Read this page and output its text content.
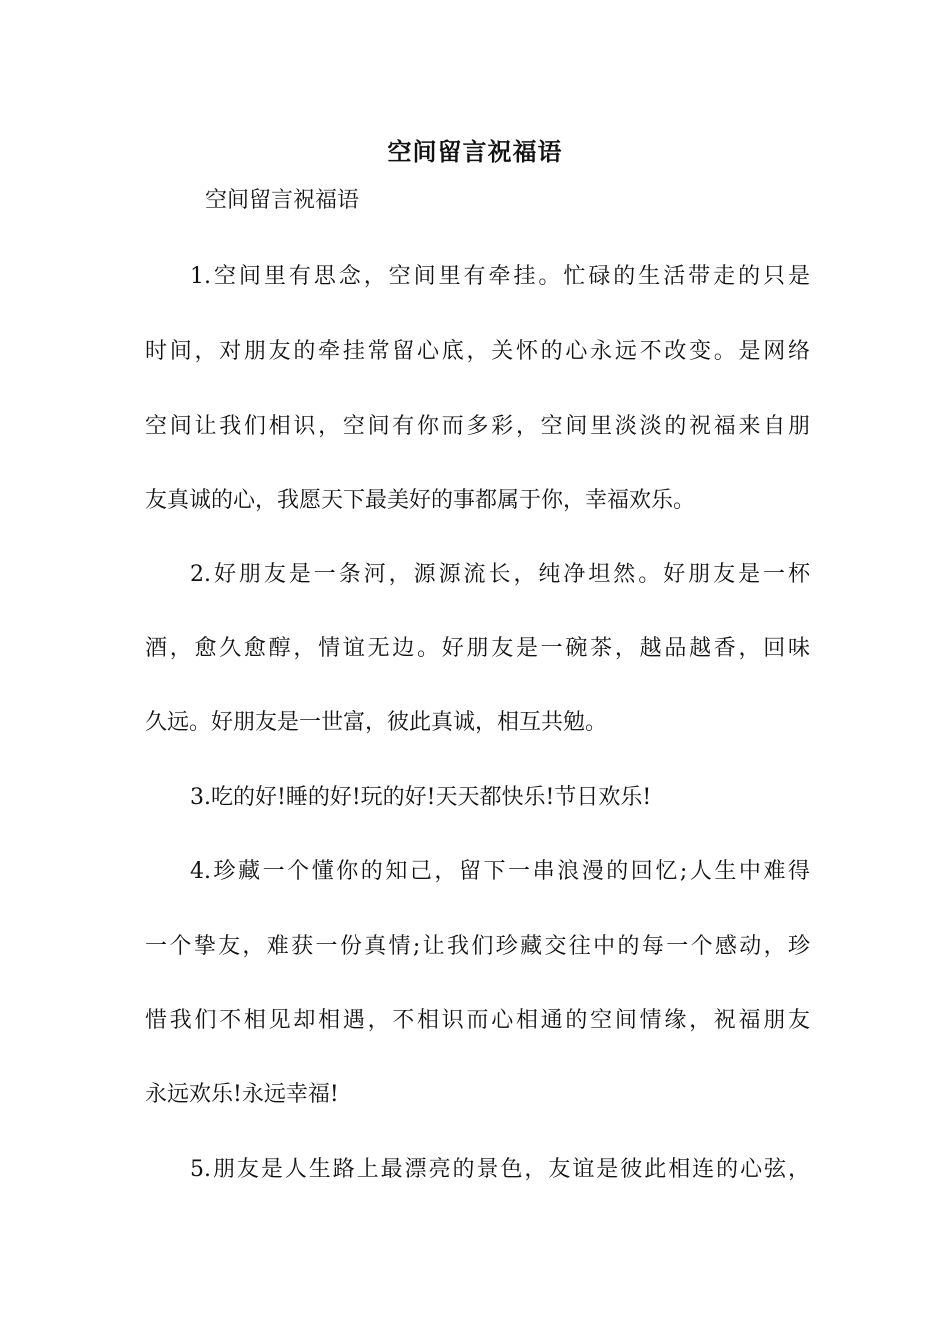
空间留言祝福语
空间留言祝福语
1.空间里有思念，空间里有牵挂。忙碌的生活带走的只是
时间，对朋友的牵挂常留心底，关怀的心永远不改变。是网络
空间让我们相识，空间有你而多彩，空间里淡淡的祝福来自朋
友真诚的心，我愿天下最美好的事都属于你，幸福欢乐。
2.好朋友是一条河，源源流长，纯净坦然。好朋友是一杯
酒，愈久愈醇，情谊无边。好朋友是一碗茶，越品越香，回味
久远。好朋友是一世富，彼此真诚，相互共勉。
3.吃的好!睡的好!玩的好!天天都快乐!节日欢乐!
4.珍藏一个懂你的知己，留下一串浪漫的回忆;人生中难得
一个挚友，难获一份真情;让我们珍藏交往中的每一个感动，珍
惜我们不相见却相遇，不相识而心相通的空间情缘，祝福朋友
永远欢乐!永远幸福!
5.朋友是人生路上最漂亮的景色，友谊是彼此相连的心弦，
